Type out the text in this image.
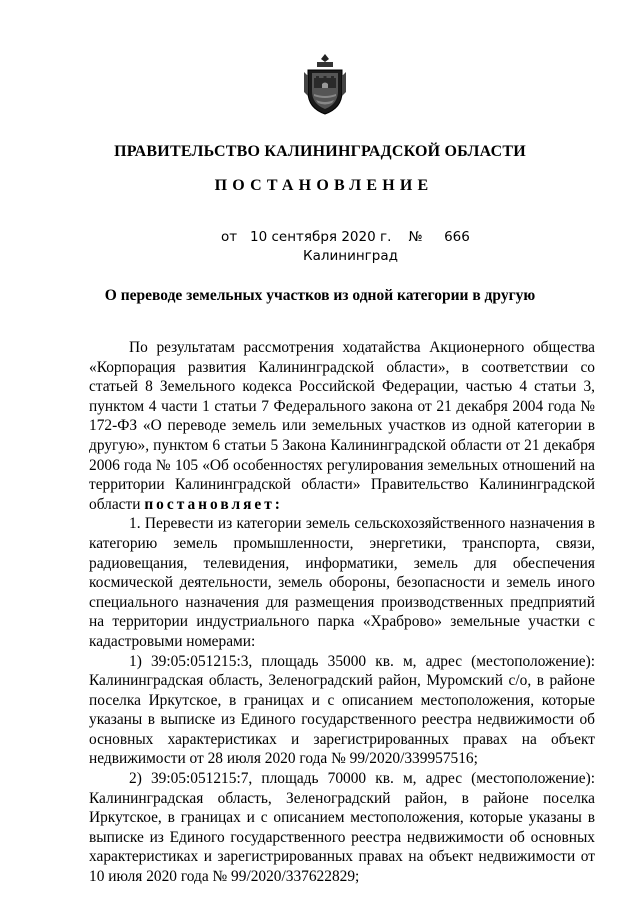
ПРАВИТЕЛЬСТВО КАЛИНИНГРАДСКОЙ ОБЛАСТИ
ПОСТАНОВЛЕНИЕ
от 10 сентября 2020 г. № 666
Калининград
О переводе земельных участков из одной категории в другую

По результатам рассмотрения ходатайства Акционерного общества «Корпорация развития Калининградской области», в соответствии со статьей 8 Земельного кодекса Российской Федерации, частью 4 статьи 3, пунктом 4 части 1 статьи 7 Федерального закона от 21 декабря 2004 года № 172-ФЗ «О переводе земель или земельных участков из одной категории в другую», пунктом 6 статьи 5 Закона Калининградской области от 21 декабря 2006 года № 105 «Об особенностях регулирования земельных отношений на территории Калининградской области» Правительство Калининградской области постановляет:

1. Перевести из категории земель сельскохозяйственного назначения в категорию земель промышленности, энергетики, транспорта, связи, радиовещания, телевидения, информатики, земель для обеспечения космической деятельности, земель обороны, безопасности и земель иного специального назначения для размещения производственных предприятий на территории индустриального парка «Храброво» земельные участки с кадастровыми номерами:

1) 39:05:051215:3, площадь 35000 кв. м, адрес (местоположение): Калининградская область, Зеленоградский район, Муромский с/о, в районе поселка Иркутское, в границах и с описанием местоположения, которые указаны в выписке из Единого государственного реестра недвижимости об основных характеристиках и зарегистрированных правах на объект недвижимости от 28 июля 2020 года № 99/2020/339957516;

2) 39:05:051215:7, площадь 70000 кв. м, адрес (местоположение): Калининградская область, Зеленоградский район, в районе поселка Иркутское, в границах и с описанием местоположения, которые указаны в выписке из Единого государственного реестра недвижимости об основных характеристиках и зарегистрированных правах на объект недвижимости от 10 июля 2020 года № 99/2020/337622829;
